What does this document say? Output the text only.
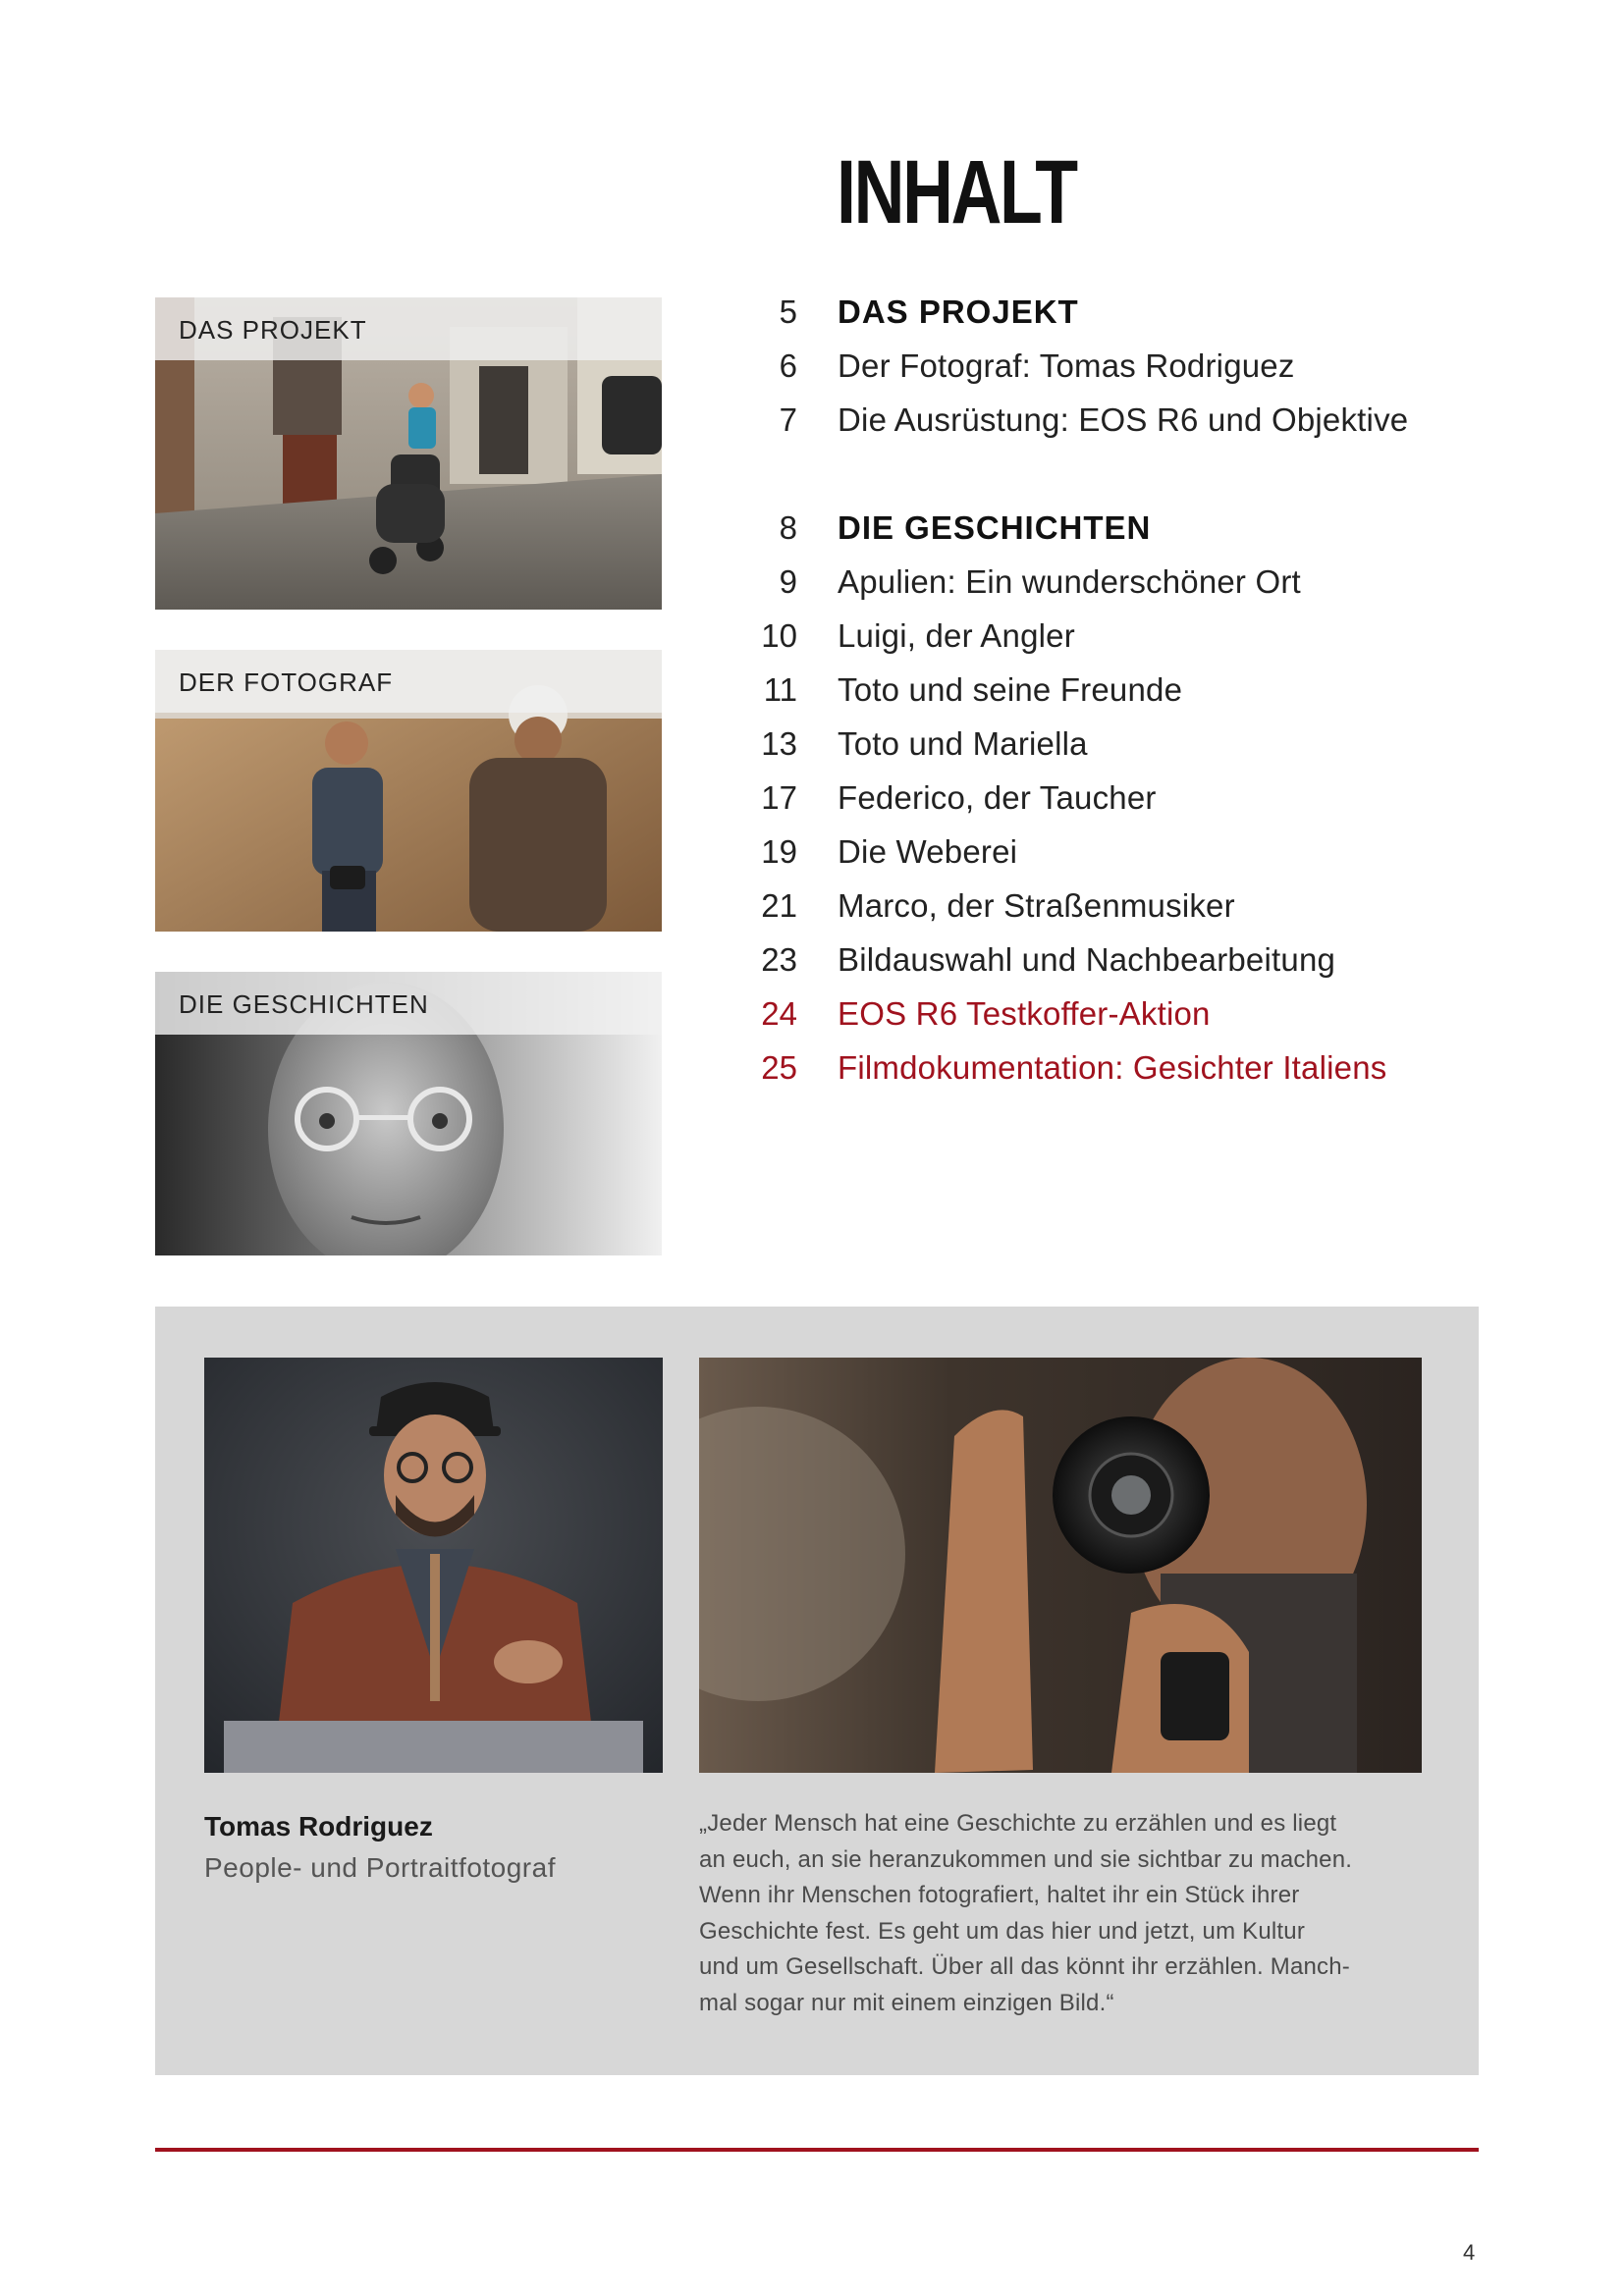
INHALT
DAS PROJEKT
DER FOTOGRAF
DIE GESCHICHTEN
5 DAS PROJEKT
6 Der Fotograf: Tomas Rodriguez
7 Die Ausrüstung: EOS R6 und Objektive
8 DIE GESCHICHTEN
9 Apulien: Ein wunderschöner Ort
10 Luigi, der Angler
11 Toto und seine Freunde
13 Toto und Mariella
17 Federico, der Taucher
19 Die Weberei
21 Marco, der Straßenmusiker
23 Bildauswahl und Nachbearbeitung
24 EOS R6 Testkoffer-Aktion
25 Filmdokumentation: Gesichter Italiens
Tomas Rodriguez
People- und Portraitfotograf

„Jeder Mensch hat eine Geschichte zu erzählen und es liegt
an euch, an sie heranzukommen und sie sichtbar zu machen.
Wenn ihr Menschen fotografiert, haltet ihr ein Stück ihrer
Geschichte fest. Es geht um das hier und jetzt, um Kultur
und um Gesellschaft. Über all das könnt ihr erzählen. Manch-
mal sogar nur mit einem einzigen Bild.“

4
